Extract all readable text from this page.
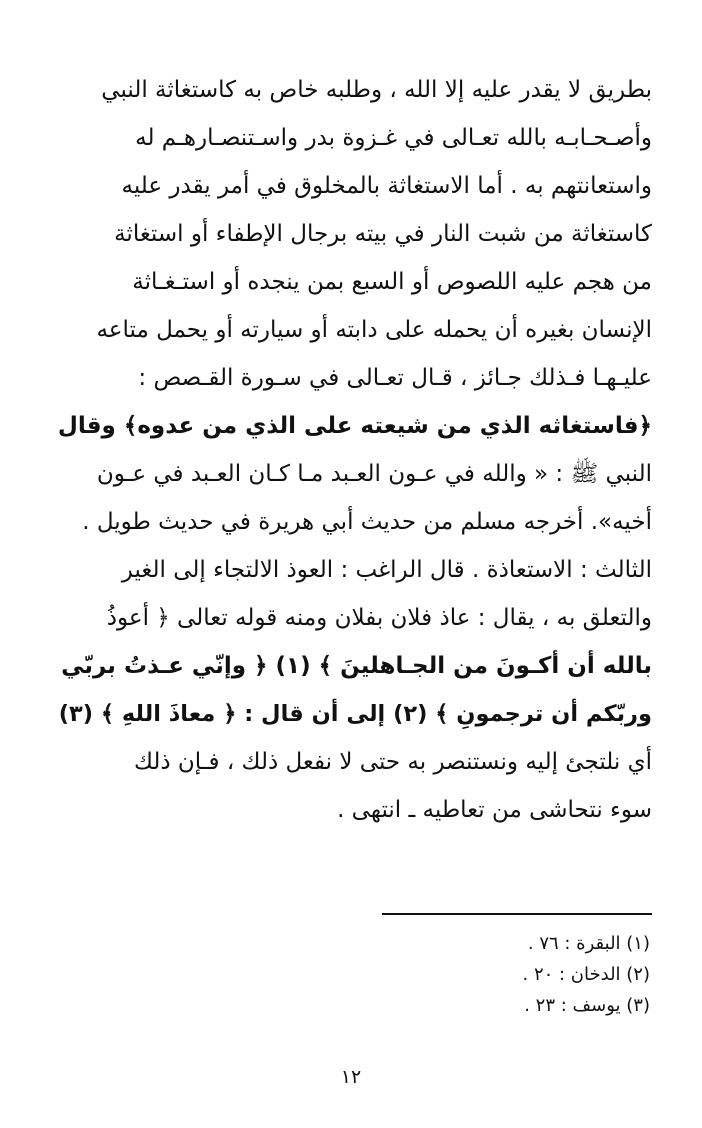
بطريق لا يقدر عليه إلا الله ، وطلبه خاص به كاستغاثة النبي
وأصـحـابـه بالله تعـالى في غـزوة بدر واسـتنصـارهـم له
واستعانتهم به . أما الاستغاثة بالمخلوق في أمر يقدر عليه
كاستغاثة من شبت النار في بيته برجال الإطفاء أو استغاثة
من هجم عليه اللصوص أو السبع بمن ينجده أو استـغـاثة
الإنسان بغيره أن يحمله على دابته أو سيارته أو يحمل متاعه
عليـهـا فـذلك جـائز ، قـال تعـالى في سـورة القـصص :
﴿فاستغاثه الذي من شيعته على الذي من عدوه﴾ وقال
النبي ﷺ : « والله في عـون العـبد مـا كـان العـبد في عـون
أخيه». أخرجه مسلم من حديث أبي هريرة في حديث طويل .
الثالث : الاستعاذة . قال الراغب : العوذ الالتجاء إلى الغير
والتعلق به ، يقال : عاذ فلان بفلان ومنه قوله تعالى ﴿ أعوذُ
بالله أن أكـونَ من الجـاهلينَ ﴾ (١) ﴿ وإنّي عـذتُ بربّي
وربّكم أن ترجمونِ ﴾ (٢) إلى أن قال : ﴿ معاذَ اللهِ ﴾ (٣)
أي نلتجئ إليه ونستنصر به حتى لا نفعل ذلك ، فـإن ذلك
سوء نتحاشى من تعاطيه ـ انتهى .
(١) البقرة : ٧٦ .
(٢) الدخان : ٢٠ .
(٣) يوسف : ٢٣ .
١٢
